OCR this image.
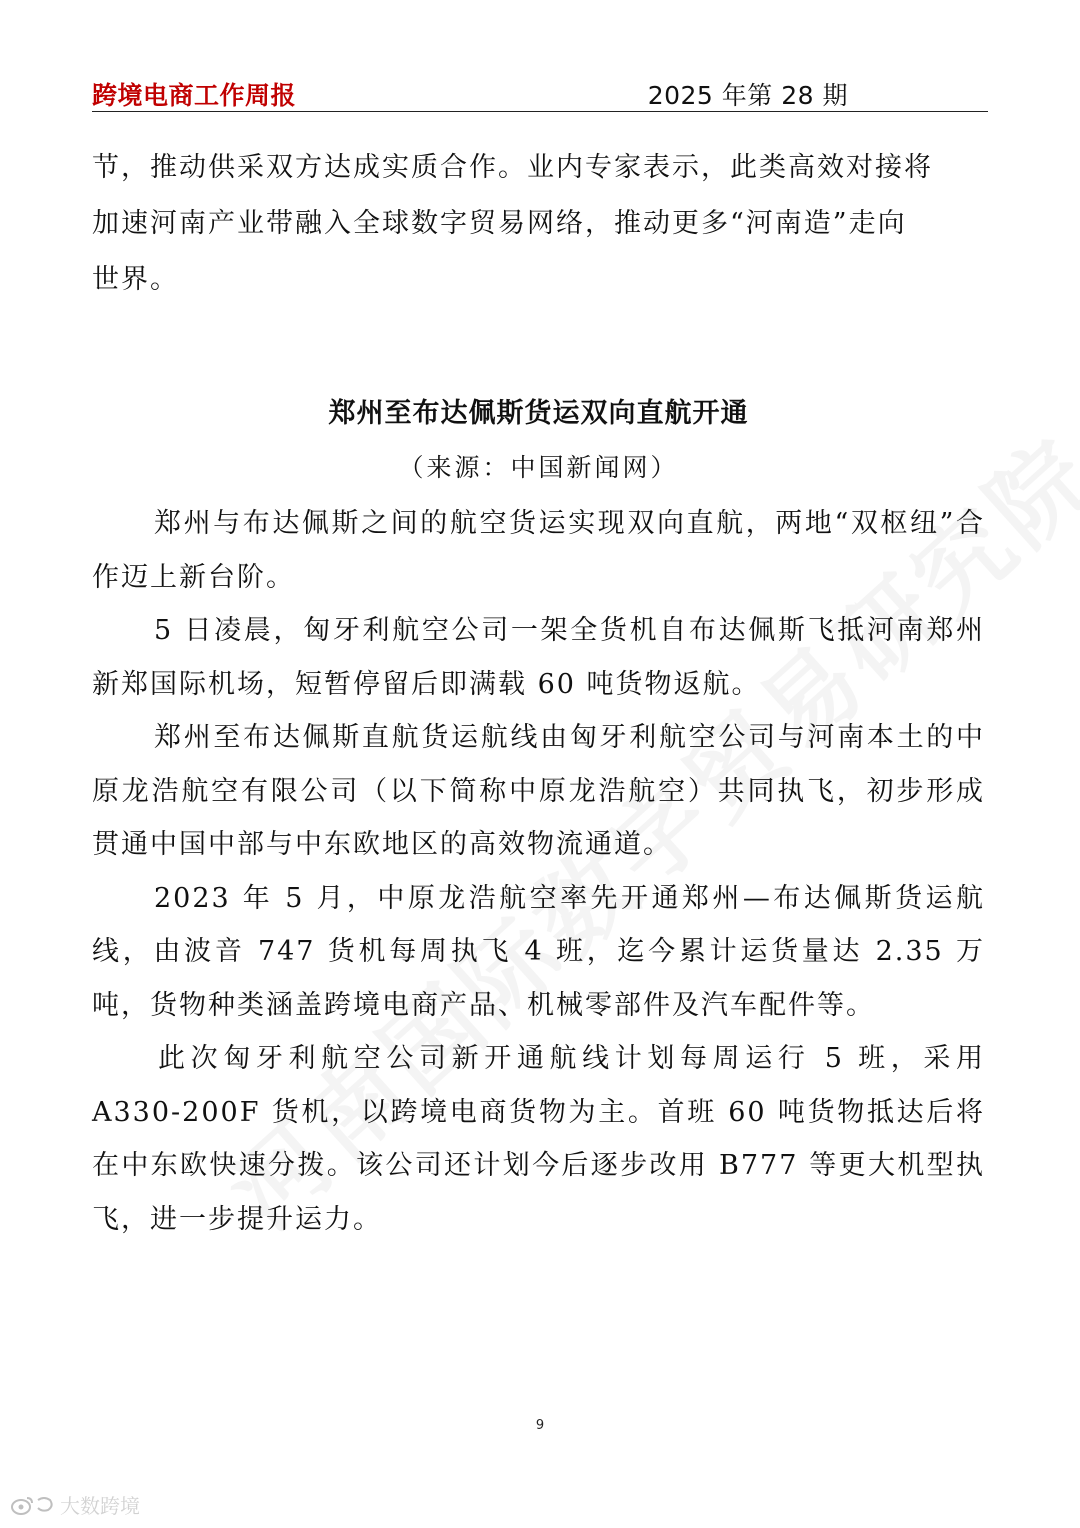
跨境电商工作周报	2025 年第 28 期

节，推动供采双方达成实质合作。业内专家表示，此类高效对接将

加速河南产业带融入全球数字贸易网络，推动更多“河南造”走向

世界。

郑州至布达佩斯货运双向直航开通
（来源：中国新闻网）

郑州与布达佩斯之间的航空货运实现双向直航，两地“双枢纽”合作迈上新台阶。

5 日凌晨，匈牙利航空公司一架全货机自布达佩斯飞抵河南郑州新郑国际机场，短暂停留后即满载 60 吨货物返航。

郑州至布达佩斯直航货运航线由匈牙利航空公司与河南本土的中原龙浩航空有限公司（以下简称中原龙浩航空）共同执飞，初步形成贯通中国中部与中东欧地区的高效物流通道。

2023 年 5 月，中原龙浩航空率先开通郑州—布达佩斯货运航线，由波音 747 货机每周执飞 4 班，迄今累计运货量达 2.35 万吨，货物种类涵盖跨境电商产品、机械零部件及汽车配件等。

此次匈牙利航空公司新开通航线计划每周运行 5 班，采用 A330-200F 货机，以跨境电商货物为主。首班 60 吨货物抵达后将在中东欧快速分拨。该公司还计划今后逐步改用 B777 等更大机型执飞，进一步提升运力。

9
大数跨境
